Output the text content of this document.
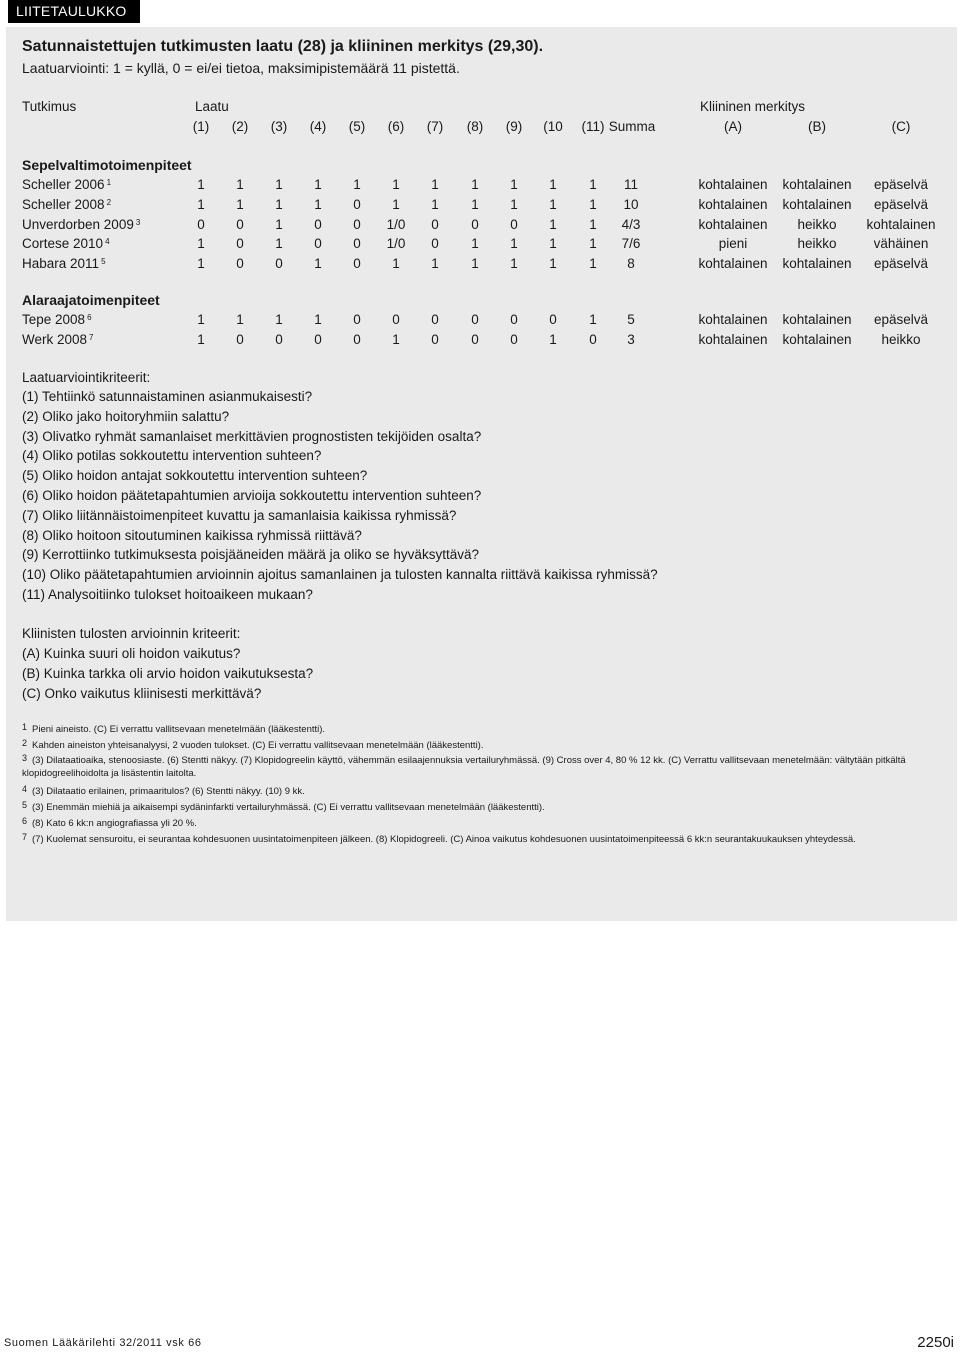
LIITETAULUKKO
Satunnaistettujen tutkimusten laatu (28) ja kliininen merkitys (29,30).
Laatuarviointi: 1 = kyllä, 0 = ei/ei tietoa, maksimipistemäärä 11 pistettä.
Tutkimus	Laatu	Kliininen merkitys
(1) (2) (3) (4) (5) (6) (7) (8) (9) (10 (11) Summa	(A)	(B)	(C)
Sepelvaltimotoimenpiteet
Scheller 2006 $^1$	1 1 1 1 1 1 1 1 1 1 1 11	kohtalainen kohtalainen epäselvä
Scheller 2008 $^2$	1 1 1 1 0 1 1 1 1 1 1 10	kohtalainen kohtalainen epäselvä
Unverdorben 2009 $^3$	0 0 1 0 0 1/0 0 0 0 1 1 4/3	kohtalainen heikko kohtalainen
Cortese 2010 $^4$	1 0 1 0 0 1/0 0 1 1 1 1 7/6	pieni	heikko	vähäinen
Habara 2011 $^5$	1 0 0 1 0 1 1 1 1 1 1 8	kohtalainen kohtalainen epäselvä
Alaraajatoimenpiteet
Tepe 2008 $^6$	1 1 1 1 0 0 0 0 0 0 1 5	kohtalainen kohtalainen epäselvä
Werk 2008 $^7$	1 0 0 0 0 1 0 0 0 1 0 3	kohtalainen kohtalainen heikko
Laatuarviointikriteerit:
(1) Tehtiinkö satunnaistaminen asianmukaisesti?
(2) Oliko jako hoitoryhmiin salattu?
(3) Olivatko ryhmät samanlaiset merkittävien prognostisten tekijöiden osalta?
(4) Oliko potilas sokkoutettu intervention suhteen?
(5) Oliko hoidon antajat sokkoutettu intervention suhteen?
(6) Oliko hoidon päätetapahtumien arvioija sokkoutettu intervention suhteen?
(7) Oliko liitännäistoimenpiteet kuvattu ja samanlaisia kaikissa ryhmissä?
(8) Oliko hoitoon sitoutuminen kaikissa ryhmissä riittävä?
(9) Kerrottiinko tutkimuksesta poisjääneiden määrä ja oliko se hyväksyttävä?
(10) Oliko päätetapahtumien arvioinnin ajoitus samanlainen ja tulosten kannalta riittävä kaikissa ryhmissä?
(11) Analysoitiinko tulokset hoitoaikeen mukaan?
Kliinisten tulosten arvioinnin kriteerit:
(A) Kuinka suuri oli hoidon vaikutus?
(B) Kuinka tarkka oli arvio hoidon vaikutuksesta?
(C) Onko vaikutus kliinisesti merkittävä?
1 Pieni aineisto. (C) Ei verrattu vallitsevaan menetelmään (lääkestentti).
2 Kahden aineiston yhteisanalyysi, 2 vuoden tulokset. (C) Ei verrattu vallitsevaan menetelmään (lääkestentti).
3 (3) Dilataatioaika, stenoosiaste. (6) Stentti näkyy. (7) Klopidogreelin käyttö, vähemmän esilaajennuksia vertailuryhmässä. (9) Cross over 4, 80 % 12 kk. (C) Verrattu vallitsevaan menetelmään: vältytään pitkältä
klopidogreelihoidolta ja lisästentin laitolta.
4 (3) Dilataatio erilainen, primaaritulos? (6) Stentti näkyy. (10) 9 kk.
5 (3) Enemmän miehiä ja aikaisempi sydäninfarkti vertailuryhmässä. (C) Ei verrattu vallitsevaan menetelmään (lääkestentti).
6 (8) Kato 6 kk:n angiografiassa yli 20 %.
7 (7) Kuolemat sensuroitu, ei seurantaa kohdesuonen uusintatoimenpiteen jälkeen. (8) Klopidogreeli. (C) Ainoa vaikutus kohdesuonen uusintatoimenpiteessä 6 kk:n seurantakuukauksen yhteydessä.
Suomen Lääkärilehti 32/2011 vsk 66	2250i
